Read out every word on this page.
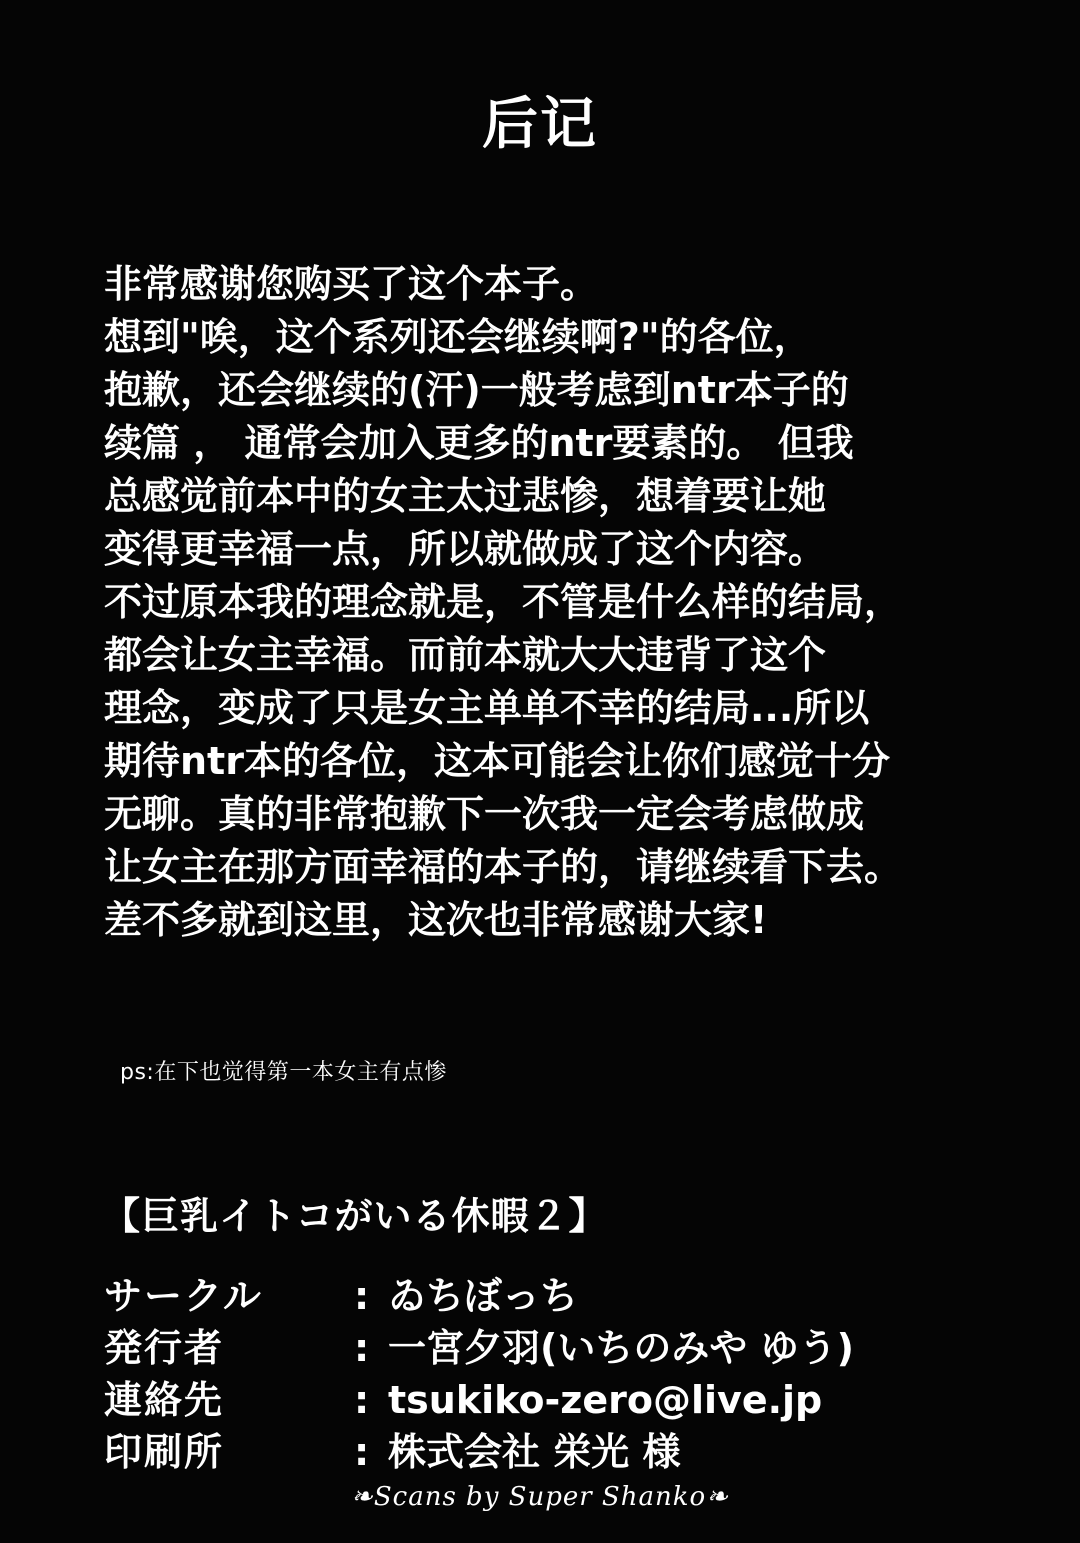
后记
非常感谢您购买了这个本子。
想到"唉，这个系列还会继续啊?"的各位，
抱歉，还会继续的(汗)一般考虑到ntr本子的
续篇 ， 通常会加入更多的ntr要素的。 但我
总感觉前本中的女主太过悲惨，想着要让她
变得更幸福一点，所以就做成了这个内容。
不过原本我的理念就是，不管是什么样的结局，
都会让女主幸福。而前本就大大违背了这个
理念，变成了只是女主单单不幸的结局...所以
期待ntr本的各位，这本可能会让你们感觉十分
无聊。真的非常抱歉下一次我一定会考虑做成
让女主在那方面幸福的本子的，请继续看下去。
差不多就到这里，这次也非常感谢大家!
ps:在下也觉得第一本女主有点惨
【巨乳イトコがいる休暇２】
サークル	: ゐちぼっち
発行者	: 一宮夕羽(いちのみや ゆう)
連絡先	: tsukiko-zero@live.jp
印刷所	: 株式会社 栄光 様
❧Scans by Super Shanko❧
